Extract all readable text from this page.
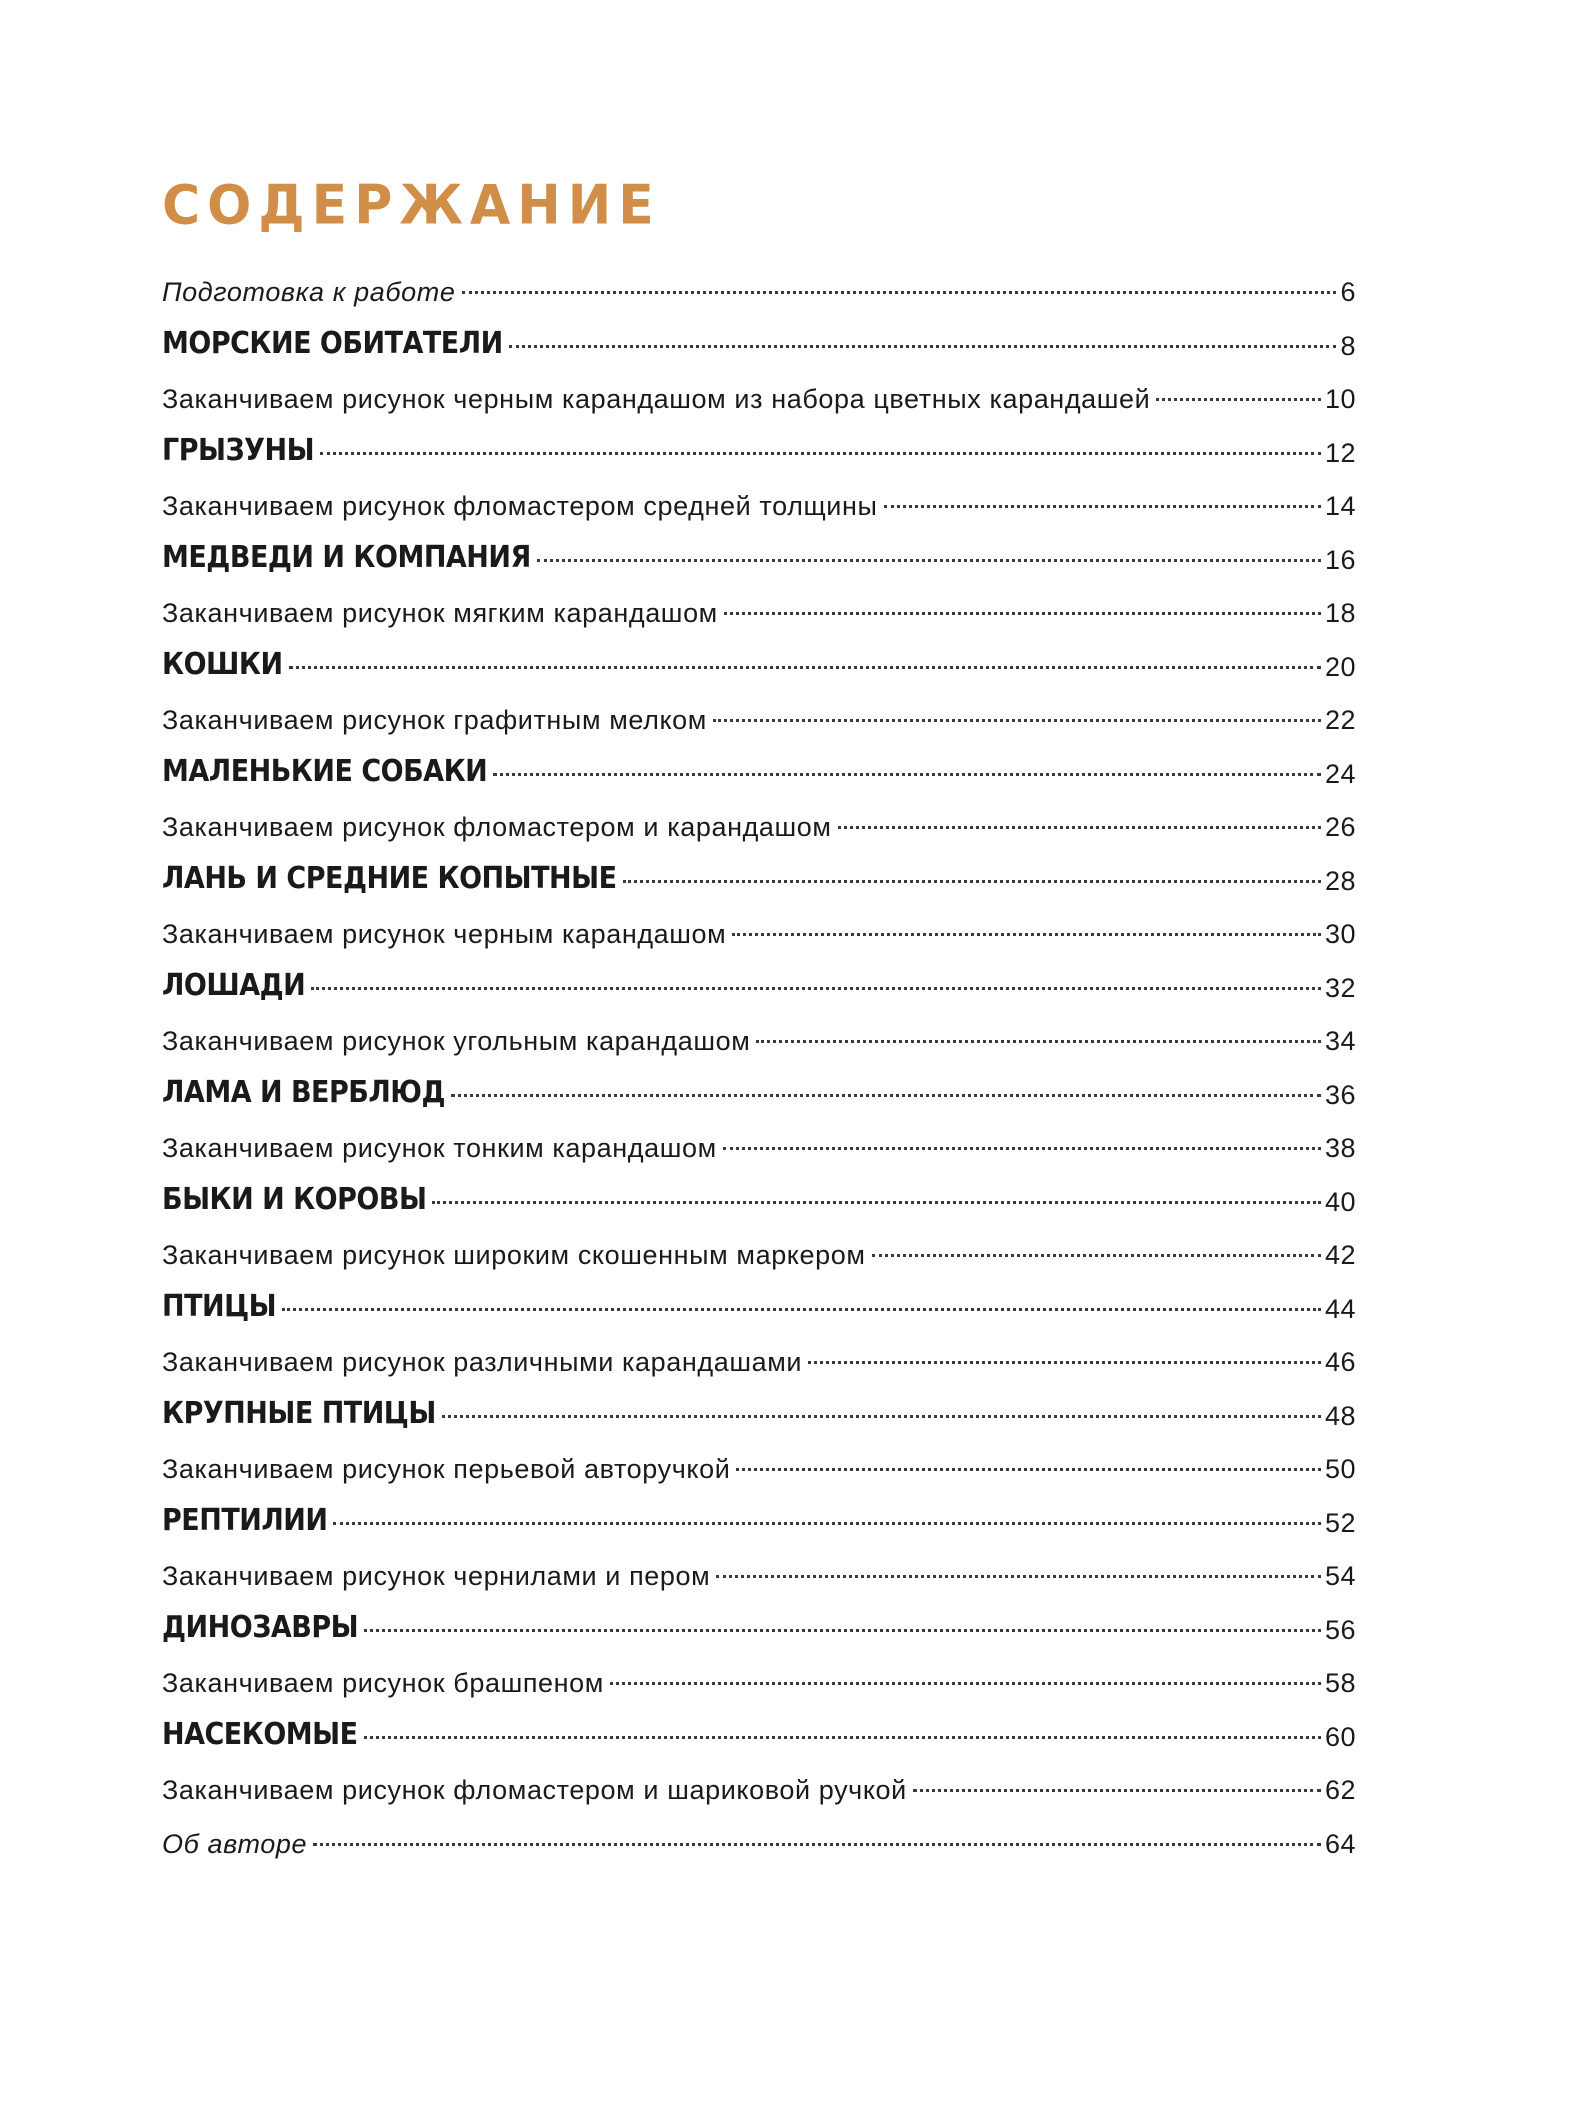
СОДЕРЖАНИЕ
Подготовка к работе	6
МОРСКИЕ ОБИТАТЕЛИ	8
Заканчиваем рисунок черным карандашом из набора цветных карандашей	10
ГРЫЗУНЫ	12
Заканчиваем рисунок фломастером средней толщины	14
МЕДВЕДИ И КОМПАНИЯ	16
Заканчиваем рисунок мягким карандашом	18
КОШКИ	20
Заканчиваем рисунок графитным мелком	22
МАЛЕНЬКИЕ СОБАКИ	24
Заканчиваем рисунок фломастером и карандашом	26
ЛАНЬ И СРЕДНИЕ КОПЫТНЫЕ	28
Заканчиваем рисунок черным карандашом	30
ЛОШАДИ	32
Заканчиваем рисунок угольным карандашом	34
ЛАМА И ВЕРБЛЮД	36
Заканчиваем рисунок тонким карандашом	38
БЫКИ И КОРОВЫ	40
Заканчиваем рисунок широким скошенным маркером	42
ПТИЦЫ	44
Заканчиваем рисунок различными карандашами	46
КРУПНЫЕ ПТИЦЫ	48
Заканчиваем рисунок перьевой авторучкой	50
РЕПТИЛИИ	52
Заканчиваем рисунок чернилами и пером	54
ДИНОЗАВРЫ	56
Заканчиваем рисунок брашпеном	58
НАСЕКОМЫЕ	60
Заканчиваем рисунок фломастером и шариковой ручкой	62
Об авторе	64
